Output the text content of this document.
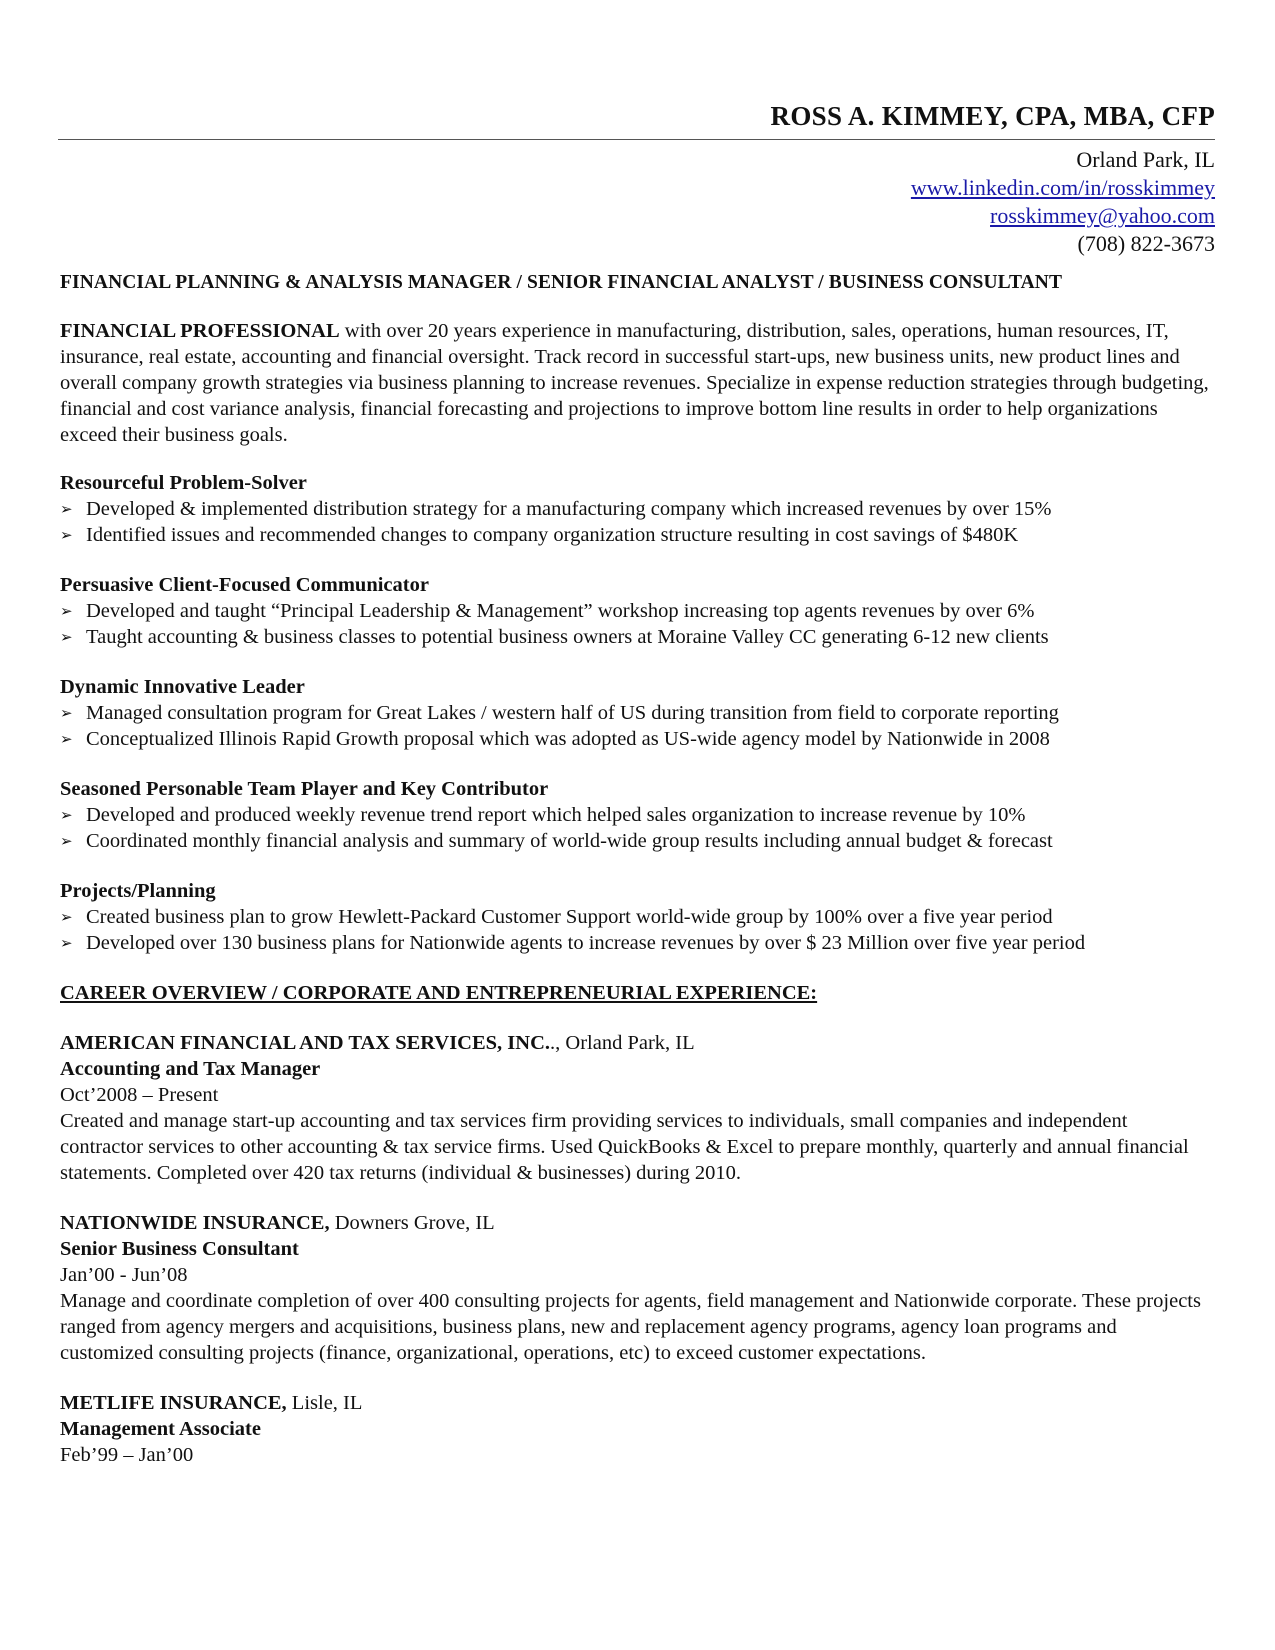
ROSS A. KIMMEY, CPA, MBA, CFP
Orland Park, IL
www.linkedin.com/in/rosskimmey
rosskimmey@yahoo.com
(708) 822-3673
FINANCIAL PLANNING & ANALYSIS MANAGER / SENIOR FINANCIAL ANALYST / BUSINESS CONSULTANT
FINANCIAL PROFESSIONAL with over 20 years experience in manufacturing, distribution, sales, operations, human resources, IT, insurance, real estate, accounting and financial oversight. Track record in successful start-ups, new business units, new product lines and overall company growth strategies via business planning to increase revenues. Specialize in expense reduction strategies through budgeting, financial and cost variance analysis, financial forecasting and projections to improve bottom line results in order to help organizations exceed their business goals.
Resourceful Problem-Solver
➢ Developed & implemented distribution strategy for a manufacturing company which increased revenues by over 15%
➢ Identified issues and recommended changes to company organization structure resulting in cost savings of $480K
Persuasive Client-Focused Communicator
➢ Developed and taught “Principal Leadership & Management” workshop increasing top agents revenues by over 6%
➢ Taught accounting & business classes to potential business owners at Moraine Valley CC generating 6-12 new clients
Dynamic Innovative Leader
➢ Managed consultation program for Great Lakes / western half of US during transition from field to corporate reporting
➢ Conceptualized Illinois Rapid Growth proposal which was adopted as US-wide agency model by Nationwide in 2008
Seasoned Personable Team Player and Key Contributor
➢ Developed and produced weekly revenue trend report which helped sales organization to increase revenue by 10%
➢ Coordinated monthly financial analysis and summary of world-wide group results including annual budget & forecast
Projects/Planning
➢ Created business plan to grow Hewlett-Packard Customer Support world-wide group by 100% over a five year period
➢ Developed over 130 business plans for Nationwide agents to increase revenues by over $ 23 Million over five year period
CAREER OVERVIEW / CORPORATE AND ENTREPRENEURIAL EXPERIENCE:
AMERICAN FINANCIAL AND TAX SERVICES, INC.., Orland Park, IL
Accounting and Tax Manager
Oct’2008 – Present
Created and manage start-up accounting and tax services firm providing services to individuals, small companies and independent contractor services to other accounting & tax service firms. Used QuickBooks & Excel to prepare monthly, quarterly and annual financial statements. Completed over 420 tax returns (individual & businesses) during 2010.
NATIONWIDE INSURANCE, Downers Grove, IL
Senior Business Consultant
Jan’00 - Jun’08
Manage and coordinate completion of over 400 consulting projects for agents, field management and Nationwide corporate. These projects ranged from agency mergers and acquisitions, business plans, new and replacement agency programs, agency loan programs and customized consulting projects (finance, organizational, operations, etc) to exceed customer expectations.
METLIFE INSURANCE, Lisle, IL
Management Associate
Feb’99 – Jan’00
